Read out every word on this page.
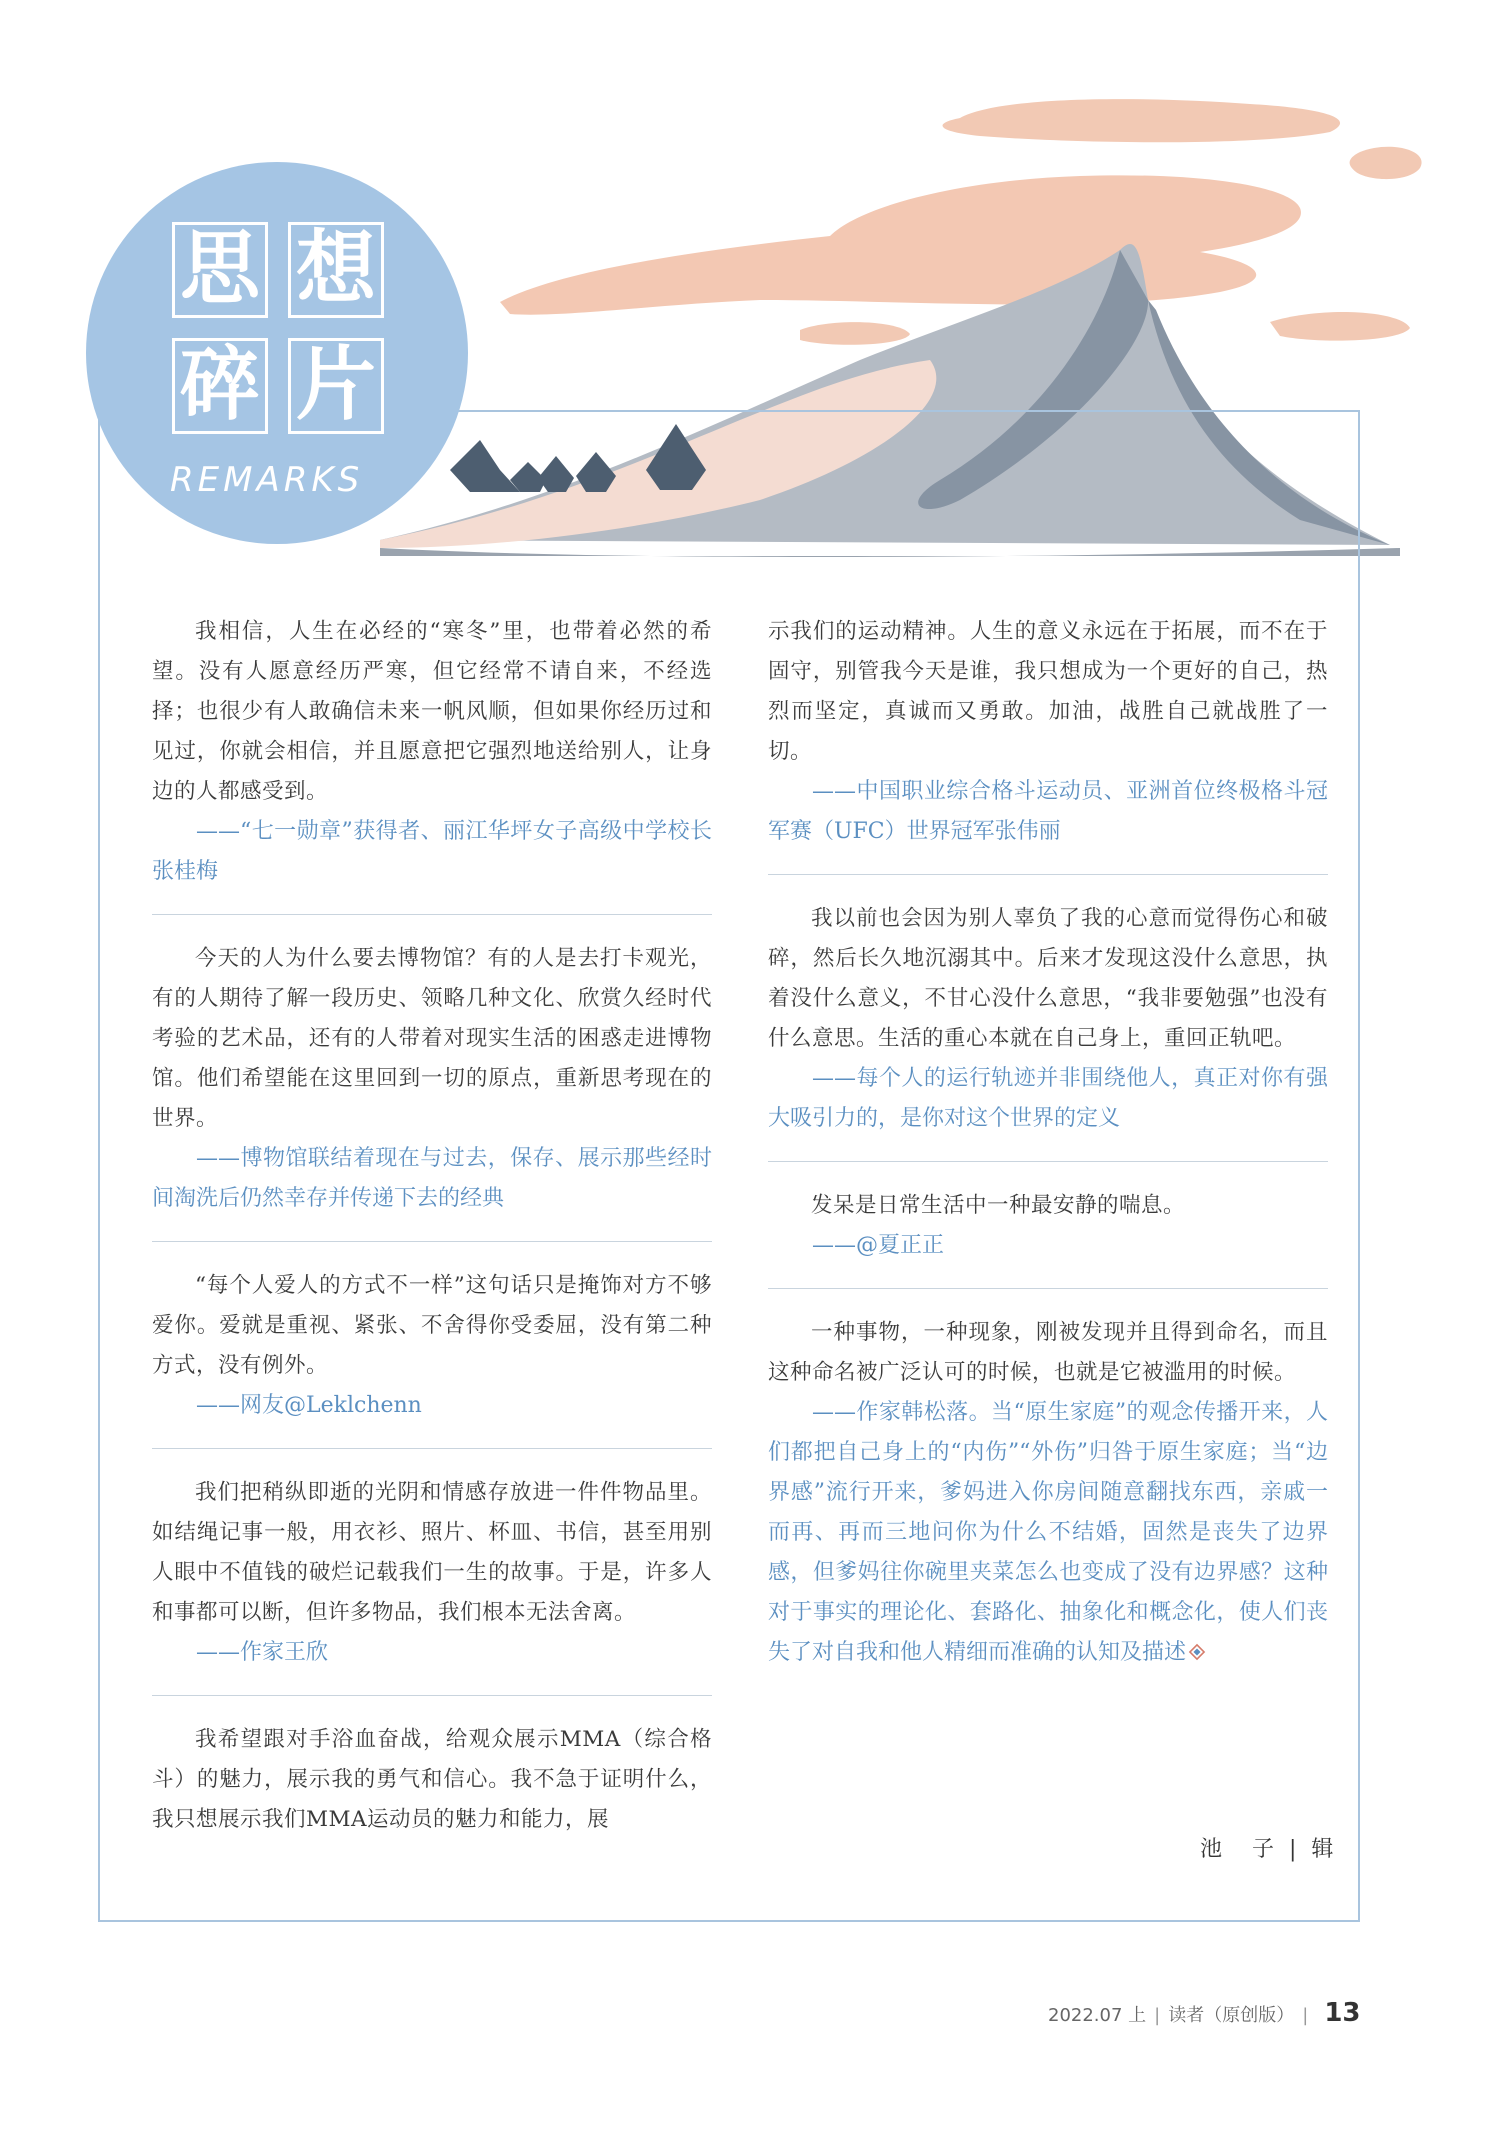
思 想
碎 片
REMARKS

我相信，人生在必经的“寒冬”里，也带着必然的希望。没有人愿意经历严寒，但它经常不请自来，不经选择；也很少有人敢确信未来一帆风顺，但如果你经历过和见过，你就会相信，并且愿意把它强烈地送给别人，让身边的人都感受到。

——“七一勋章”获得者、丽江华坪女子高级中学校长张桂梅

今天的人为什么要去博物馆？有的人是去打卡观光，有的人期待了解一段历史、领略几种文化、欣赏久经时代考验的艺术品，还有的人带着对现实生活的困惑走进博物馆。他们希望能在这里回到一切的原点，重新思考现在的世界。

——博物馆联结着现在与过去，保存、展示那些经时间淘洗后仍然幸存并传递下去的经典

“每个人爱人的方式不一样”这句话只是掩饰对方不够爱你。爱就是重视、紧张、不舍得你受委屈，没有第二种方式，没有例外。

——网友@Leklchenn

我们把稍纵即逝的光阴和情感存放进一件件物品里。如结绳记事一般，用衣衫、照片、杯皿、书信，甚至用别人眼中不值钱的破烂记载我们一生的故事。于是，许多人和事都可以断，但许多物品，我们根本无法舍离。

——作家王欣

我希望跟对手浴血奋战，给观众展示MMA（综合格斗）的魅力，展示我的勇气和信心。我不急于证明什么，我只想展示我们MMA运动员的魅力和能力，展

示我们的运动精神。人生的意义永远在于拓展，而不在于固守，别管我今天是谁，我只想成为一个更好的自己，热烈而坚定，真诚而又勇敢。加油，战胜自己就战胜了一切。

——中国职业综合格斗运动员、亚洲首位终极格斗冠军赛（UFC）世界冠军张伟丽

我以前也会因为别人辜负了我的心意而觉得伤心和破碎，然后长久地沉溺其中。后来才发现这没什么意思，执着没什么意义，不甘心没什么意思，“我非要勉强”也没有什么意思。生活的重心本就在自己身上，重回正轨吧。

——每个人的运行轨迹并非围绕他人，真正对你有强大吸引力的，是你对这个世界的定义

发呆是日常生活中一种最安静的喘息。

——@夏正正

一种事物，一种现象，刚被发现并且得到命名，而且这种命名被广泛认可的时候，也就是它被滥用的时候。

——作家韩松落。当“原生家庭”的观念传播开来，人们都把自己身上的“内伤”“外伤”归咎于原生家庭；当“边界感”流行开来，爹妈进入你房间随意翻找东西，亲戚一而再、再而三地问你为什么不结婚，固然是丧失了边界感，但爹妈往你碗里夹菜怎么也变成了没有边界感？这种对于事实的理论化、套路化、抽象化和概念化，使人们丧失了对自我和他人精细而准确的认知及描述

池　子 | 辑
2022.07 上 | 读者（原创版） | 13
